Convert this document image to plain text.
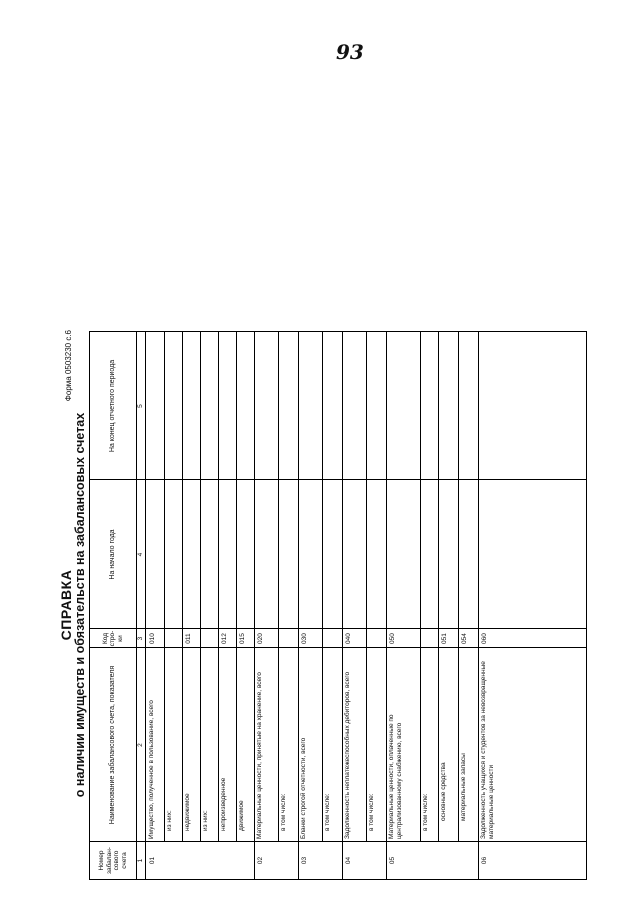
93
Форма 0503230 с.6
СПРАВКА о наличии имуществ и обязательств на забалансовых счетах
Номер забалан-сового счета
Наименование забалансового счета, показателя
Код стро-ки
На начало года
На конец отчетного периода
1
2
3
4
5
01
Имущество, полученное в пользование, всего
010
из них: недвижимое
011
из них: непроизведенное
012
движимое
015
02
Материальные ценности, принятые на хранение, всего
020
в том числе:
03
Бланки строгой отчетности, всего
030
в том числе:
04
Задолженность неплатежеспособных дебиторов, всего
040
в том числе:
05
Материальные ценности, оплаченные по централизованному снабжению, всего
050
в том числе: основные средства
051
материальные запасы
054
06
Задолженность учащихся и студентов за невозвращенные материальные ценности
060
